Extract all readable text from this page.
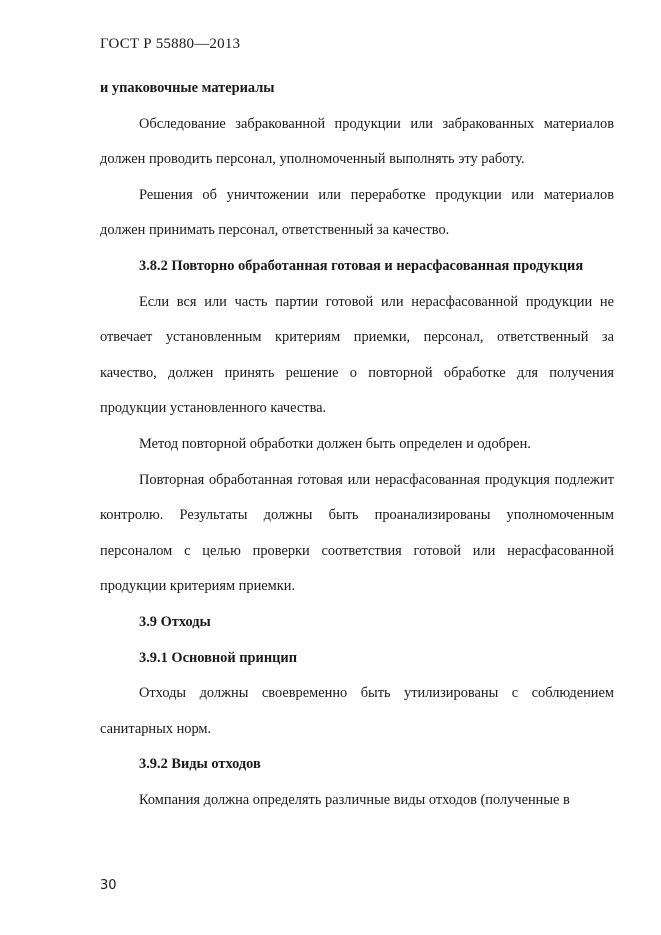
ГОСТ Р 55880—2013

и упаковочные материалы

Обследование забракованной продукции или забракованных материалов должен проводить персонал, уполномоченный выполнять эту работу.

Решения об уничтожении или переработке продукции или материалов должен принимать персонал, ответственный за качество.

3.8.2 Повторно обработанная готовая и нерасфасованная продукция

Если вся или часть партии готовой или нерасфасованной продукции не отвечает установленным критериям приемки, персонал, ответственный за качество, должен принять решение о повторной обработке для получения продукции установленного качества.

Метод повторной обработки должен быть определен и одобрен.

Повторная обработанная готовая или нерасфасованная продукция подлежит контролю. Результаты должны быть проанализированы уполномоченным персоналом с целью проверки соответствия готовой или нерасфасованной продукции критериям приемки.

3.9 Отходы

3.9.1 Основной принцип

Отходы должны своевременно быть утилизированы с соблюдением санитарных норм.

3.9.2 Виды отходов

Компания должна определять различные виды отходов (полученные в

30
